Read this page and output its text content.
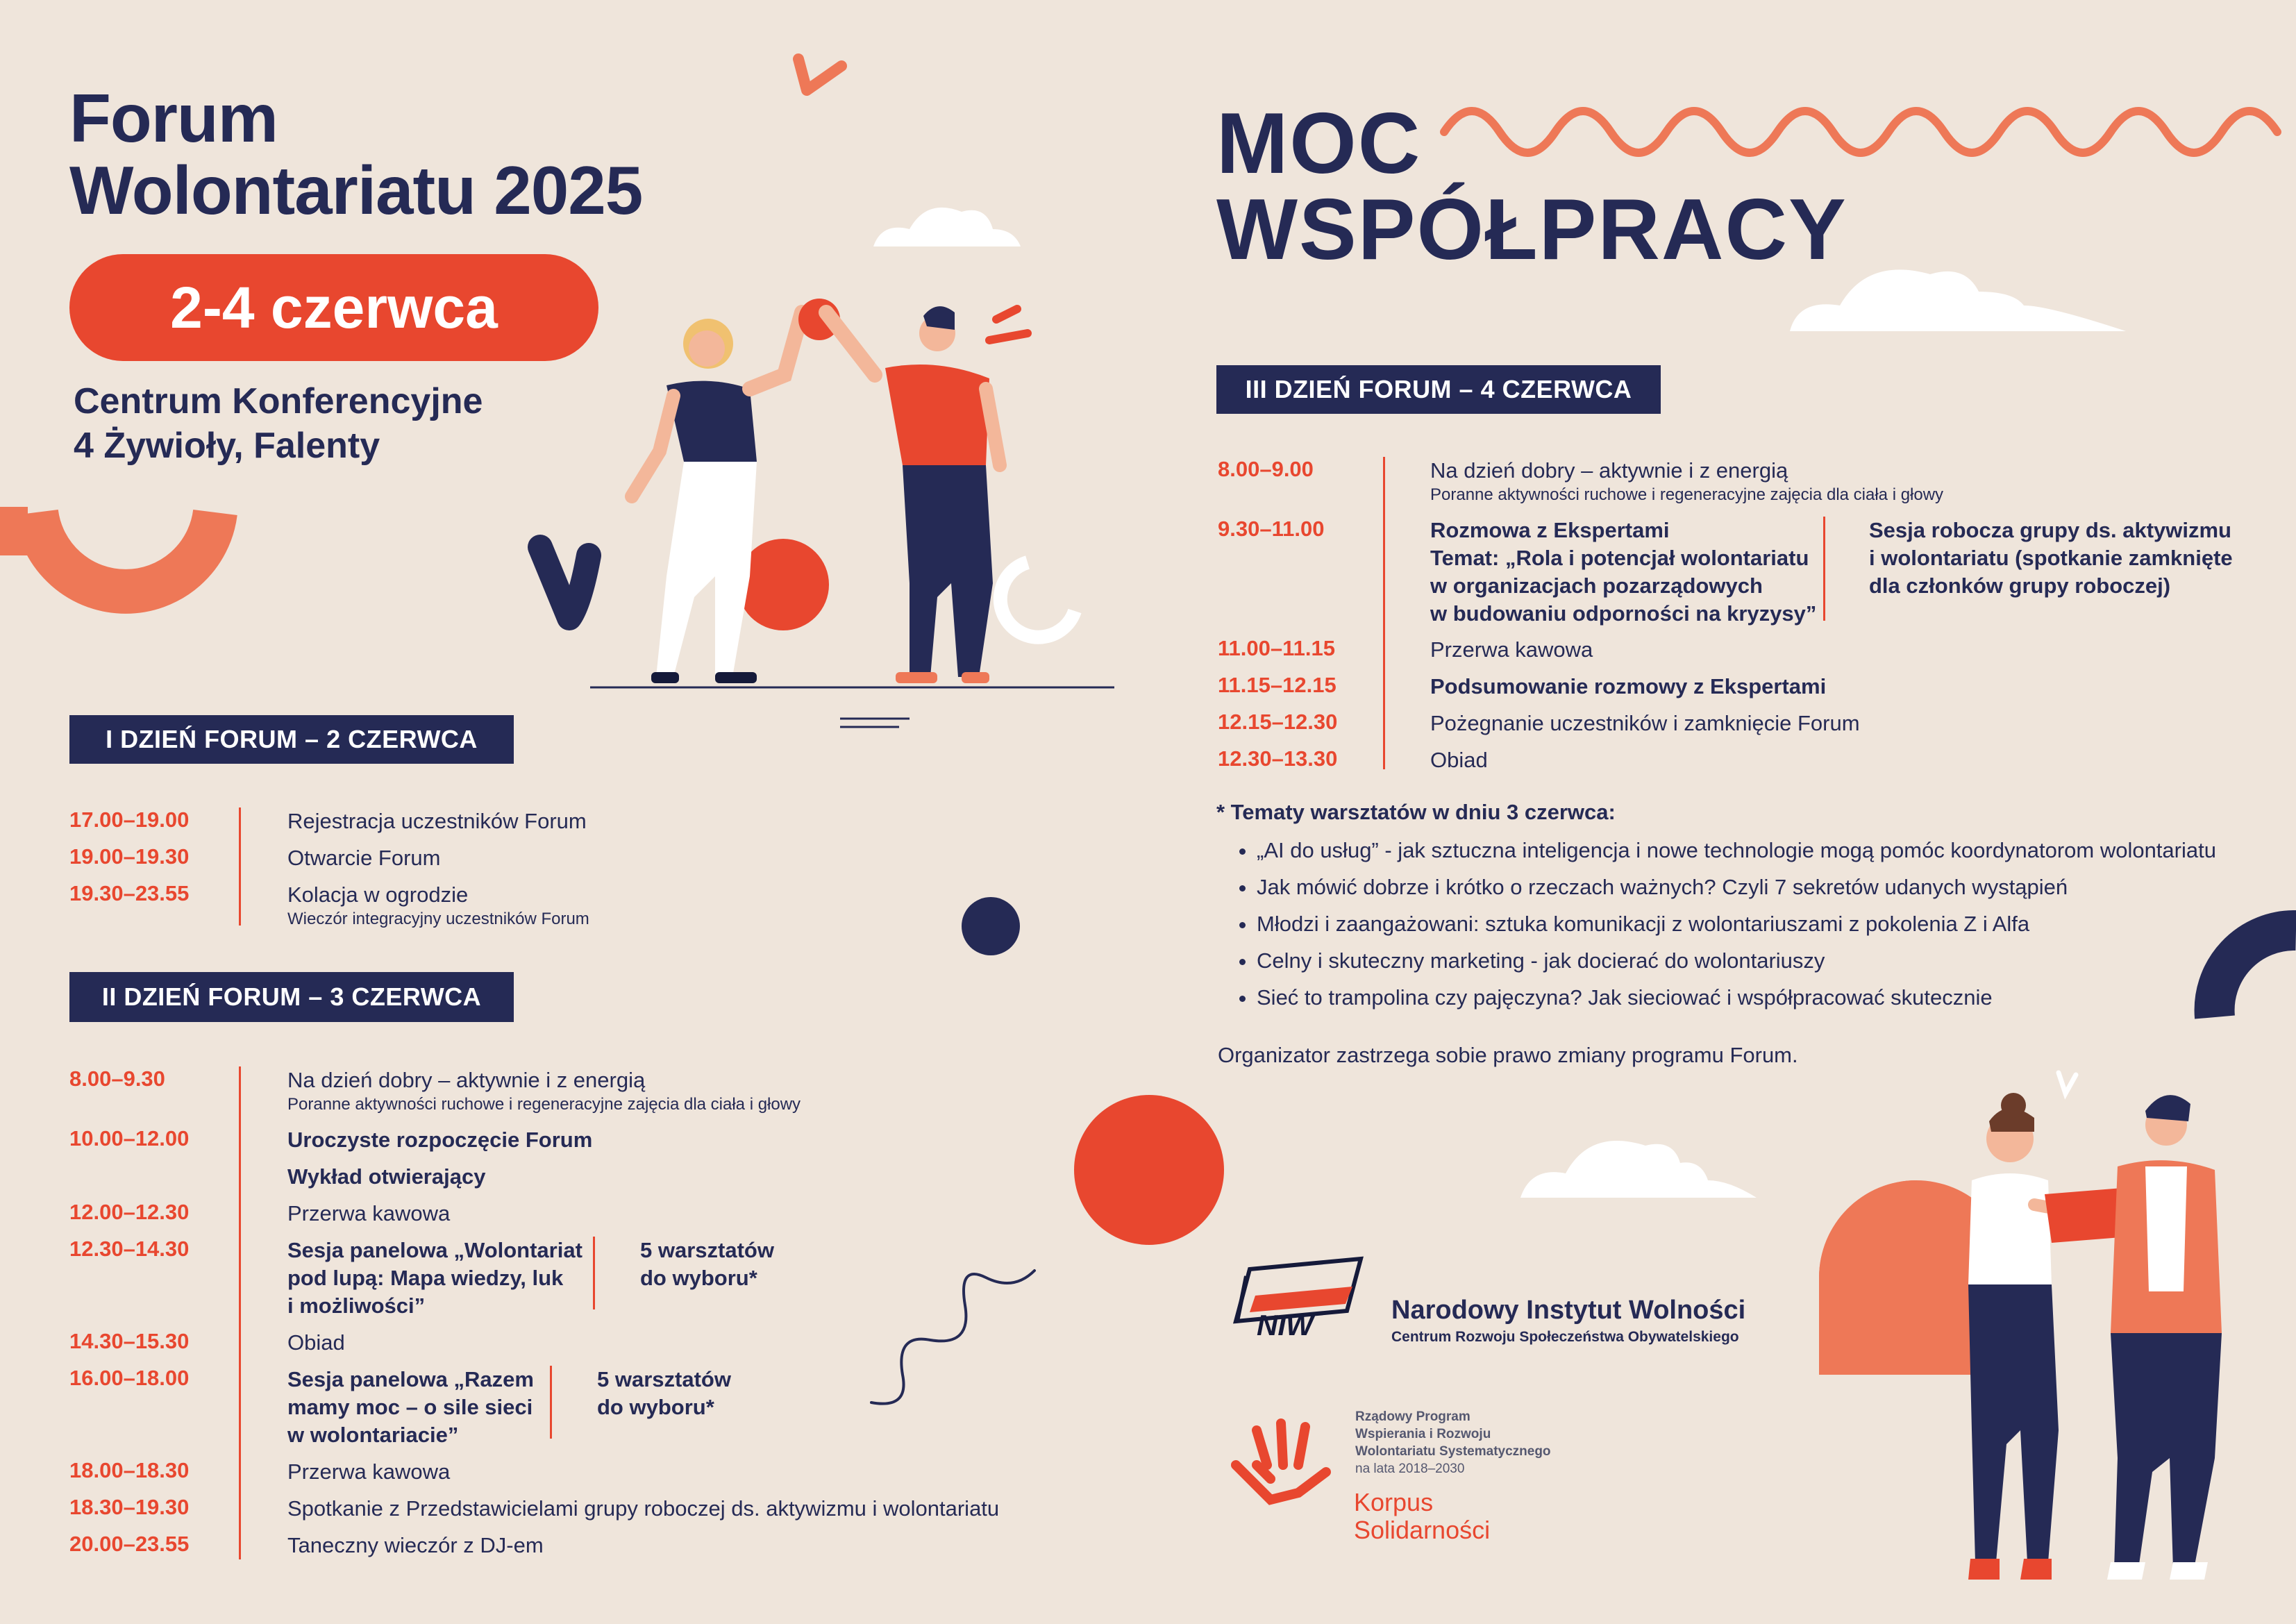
Forum
Wolontariatu 2025
2-4 czerwca
Centrum Konferencyjne
4 Żywioły, Falenty
MOC
WSPÓŁPRACY
I DZIEŃ FORUM – 2 CZERWCA
17.00–19.00	Rejestracja uczestników Forum
19.00–19.30	Otwarcie Forum
19.30–23.55	Kolacja w ogrodzie
Wieczór integracyjny uczestników Forum
II DZIEŃ FORUM – 3 CZERWCA
8.00–9.30	Na dzień dobry – aktywnie i z energią
Poranne aktywności ruchowe i regeneracyjne zajęcia dla ciała i głowy
10.00–12.00	Uroczyste rozpoczęcie Forum
Wykład otwierający
12.00–12.30	Przerwa kawowa
12.30–14.30	Sesja panelowa „Wolontariat
pod lupą: Mapa wiedzy, luk
i możliwości”
5 warsztatów
do wyboru*
14.30–15.30	Obiad
16.00–18.00	Sesja panelowa „Razem
mamy moc – o sile sieci
w wolontariacie”
5 warsztatów
do wyboru*
18.00–18.30	Przerwa kawowa
18.30–19.30	Spotkanie z Przedstawicielami grupy roboczej ds. aktywizmu i wolontariatu
20.00–23.55	Taneczny wieczór z DJ-em
III DZIEŃ FORUM – 4 CZERWCA
8.00–9.00	Na dzień dobry – aktywnie i z energią
Poranne aktywności ruchowe i regeneracyjne zajęcia dla ciała i głowy
9.30–11.00	Rozmowa z Ekspertami
Temat: „Rola i potencjał wolontariatu
w organizacjach pozarządowych
w budowaniu odporności na kryzysy”
Sesja robocza grupy ds. aktywizmu
i wolontariatu (spotkanie zamknięte
dla członków grupy roboczej)
11.00–11.15	Przerwa kawowa
11.15–12.15	Podsumowanie rozmowy z Ekspertami
12.15–12.30	Pożegnanie uczestników i zamknięcie Forum
12.30–13.30	Obiad
* Tematy warsztatów w dniu 3 czerwca:
• „AI do usług” - jak sztuczna inteligencja i nowe technologie mogą pomóc koordynatorom wolontariatu
• Jak mówić dobrze i krótko o rzeczach ważnych? Czyli 7 sekretów udanych wystąpień
• Młodzi i zaangażowani: sztuka komunikacji z wolontariuszami z pokolenia Z i Alfa
• Celny i skuteczny marketing - jak docierać do wolontariuszy
• Sieć to trampolina czy pajęczyna? Jak sieciować i współpracować skutecznie
Organizator zastrzega sobie prawo zmiany programu Forum.
NIW	Narodowy Instytut Wolności
Centrum Rozwoju Społeczeństwa Obywatelskiego
Rządowy Program
Wspierania i Rozwoju
Wolontariatu Systematycznego
na lata 2018–2030
Korpus
Solidarności
